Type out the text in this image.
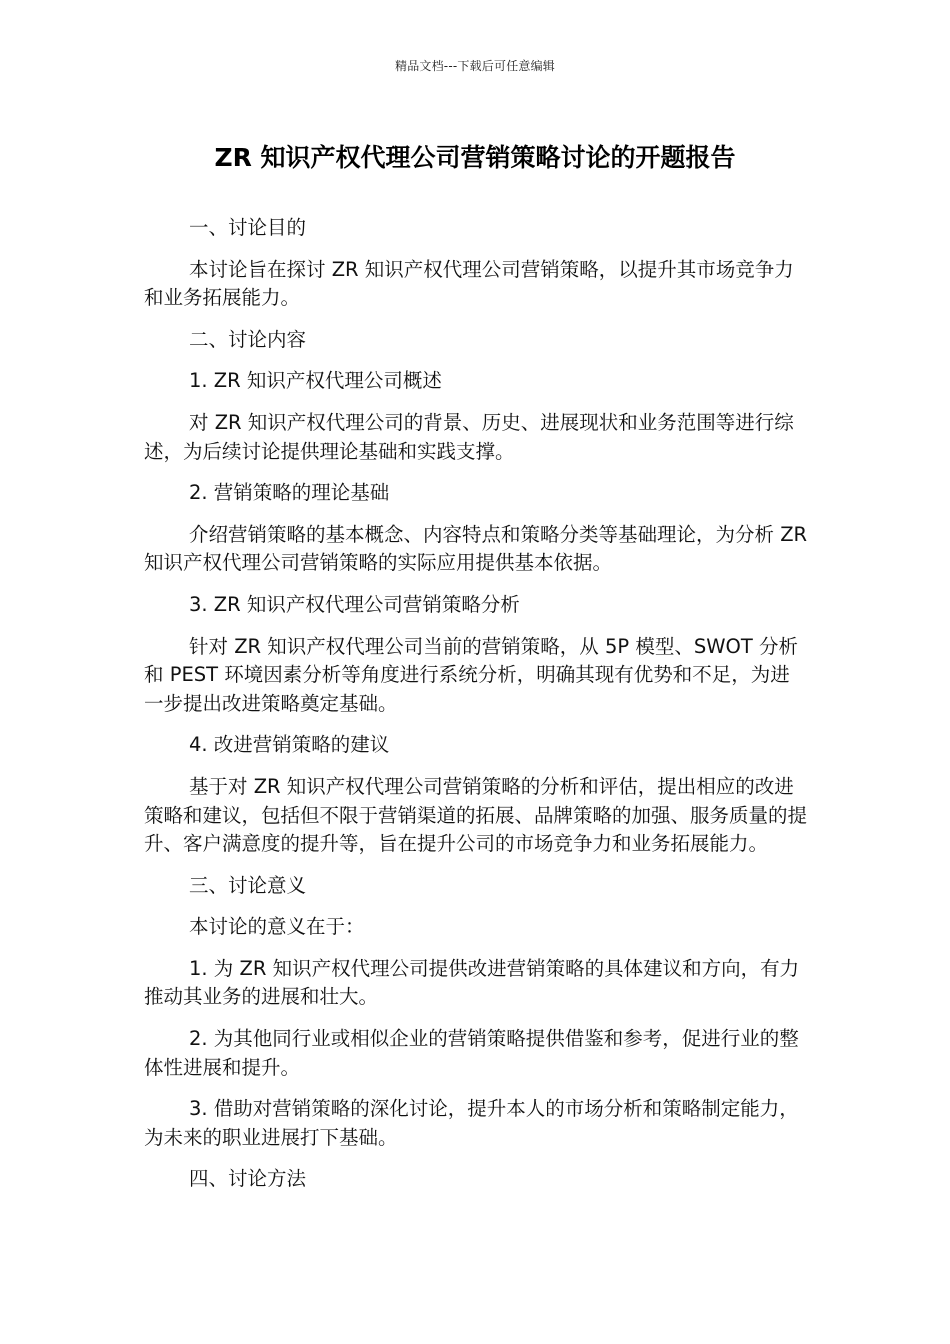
精品文档---下载后可任意编辑
ZR 知识产权代理公司营销策略讨论的开题报告

一、讨论目的

本讨论旨在探讨 ZR 知识产权代理公司营销策略，以提升其市场竞争力和业务拓展能力。

二、讨论内容

1. ZR 知识产权代理公司概述

对 ZR 知识产权代理公司的背景、历史、进展现状和业务范围等进行综述，为后续讨论提供理论基础和实践支撑。

2. 营销策略的理论基础

介绍营销策略的基本概念、内容特点和策略分类等基础理论，为分析 ZR 知识产权代理公司营销策略的实际应用提供基本依据。

3. ZR 知识产权代理公司营销策略分析

针对 ZR 知识产权代理公司当前的营销策略，从 5P 模型、SWOT 分析和 PEST 环境因素分析等角度进行系统分析，明确其现有优势和不足，为进一步提出改进策略奠定基础。

4. 改进营销策略的建议

基于对 ZR 知识产权代理公司营销策略的分析和评估，提出相应的改进策略和建议，包括但不限于营销渠道的拓展、品牌策略的加强、服务质量的提升、客户满意度的提升等，旨在提升公司的市场竞争力和业务拓展能力。

三、讨论意义

本讨论的意义在于：

1. 为 ZR 知识产权代理公司提供改进营销策略的具体建议和方向，有力推动其业务的进展和壮大。

2. 为其他同行业或相似企业的营销策略提供借鉴和参考，促进行业的整体性进展和提升。

3. 借助对营销策略的深化讨论，提升本人的市场分析和策略制定能力，为未来的职业进展打下基础。

四、讨论方法
